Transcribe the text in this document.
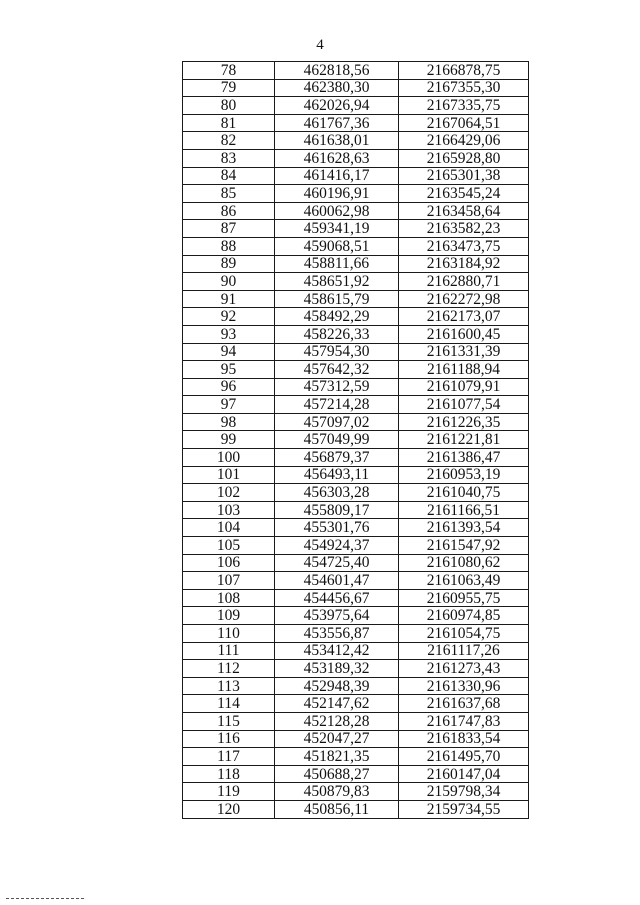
4
78	462818,56	2166878,75
79	462380,30	2167355,30
80	462026,94	2167335,75
81	461767,36	2167064,51
82	461638,01	2166429,06
83	461628,63	2165928,80
84	461416,17	2165301,38
85	460196,91	2163545,24
86	460062,98	2163458,64
87	459341,19	2163582,23
88	459068,51	2163473,75
89	458811,66	2163184,92
90	458651,92	2162880,71
91	458615,79	2162272,98
92	458492,29	2162173,07
93	458226,33	2161600,45
94	457954,30	2161331,39
95	457642,32	2161188,94
96	457312,59	2161079,91
97	457214,28	2161077,54
98	457097,02	2161226,35
99	457049,99	2161221,81
100	456879,37	2161386,47
101	456493,11	2160953,19
102	456303,28	2161040,75
103	455809,17	2161166,51
104	455301,76	2161393,54
105	454924,37	2161547,92
106	454725,40	2161080,62
107	454601,47	2161063,49
108	454456,67	2160955,75
109	453975,64	2160974,85
110	453556,87	2161054,75
111	453412,42	2161117,26
112	453189,32	2161273,43
113	452948,39	2161330,96
114	452147,62	2161637,68
115	452128,28	2161747,83
116	452047,27	2161833,54
117	451821,35	2161495,70
118	450688,27	2160147,04
119	450879,83	2159798,34
120	450856,11	2159734,55
